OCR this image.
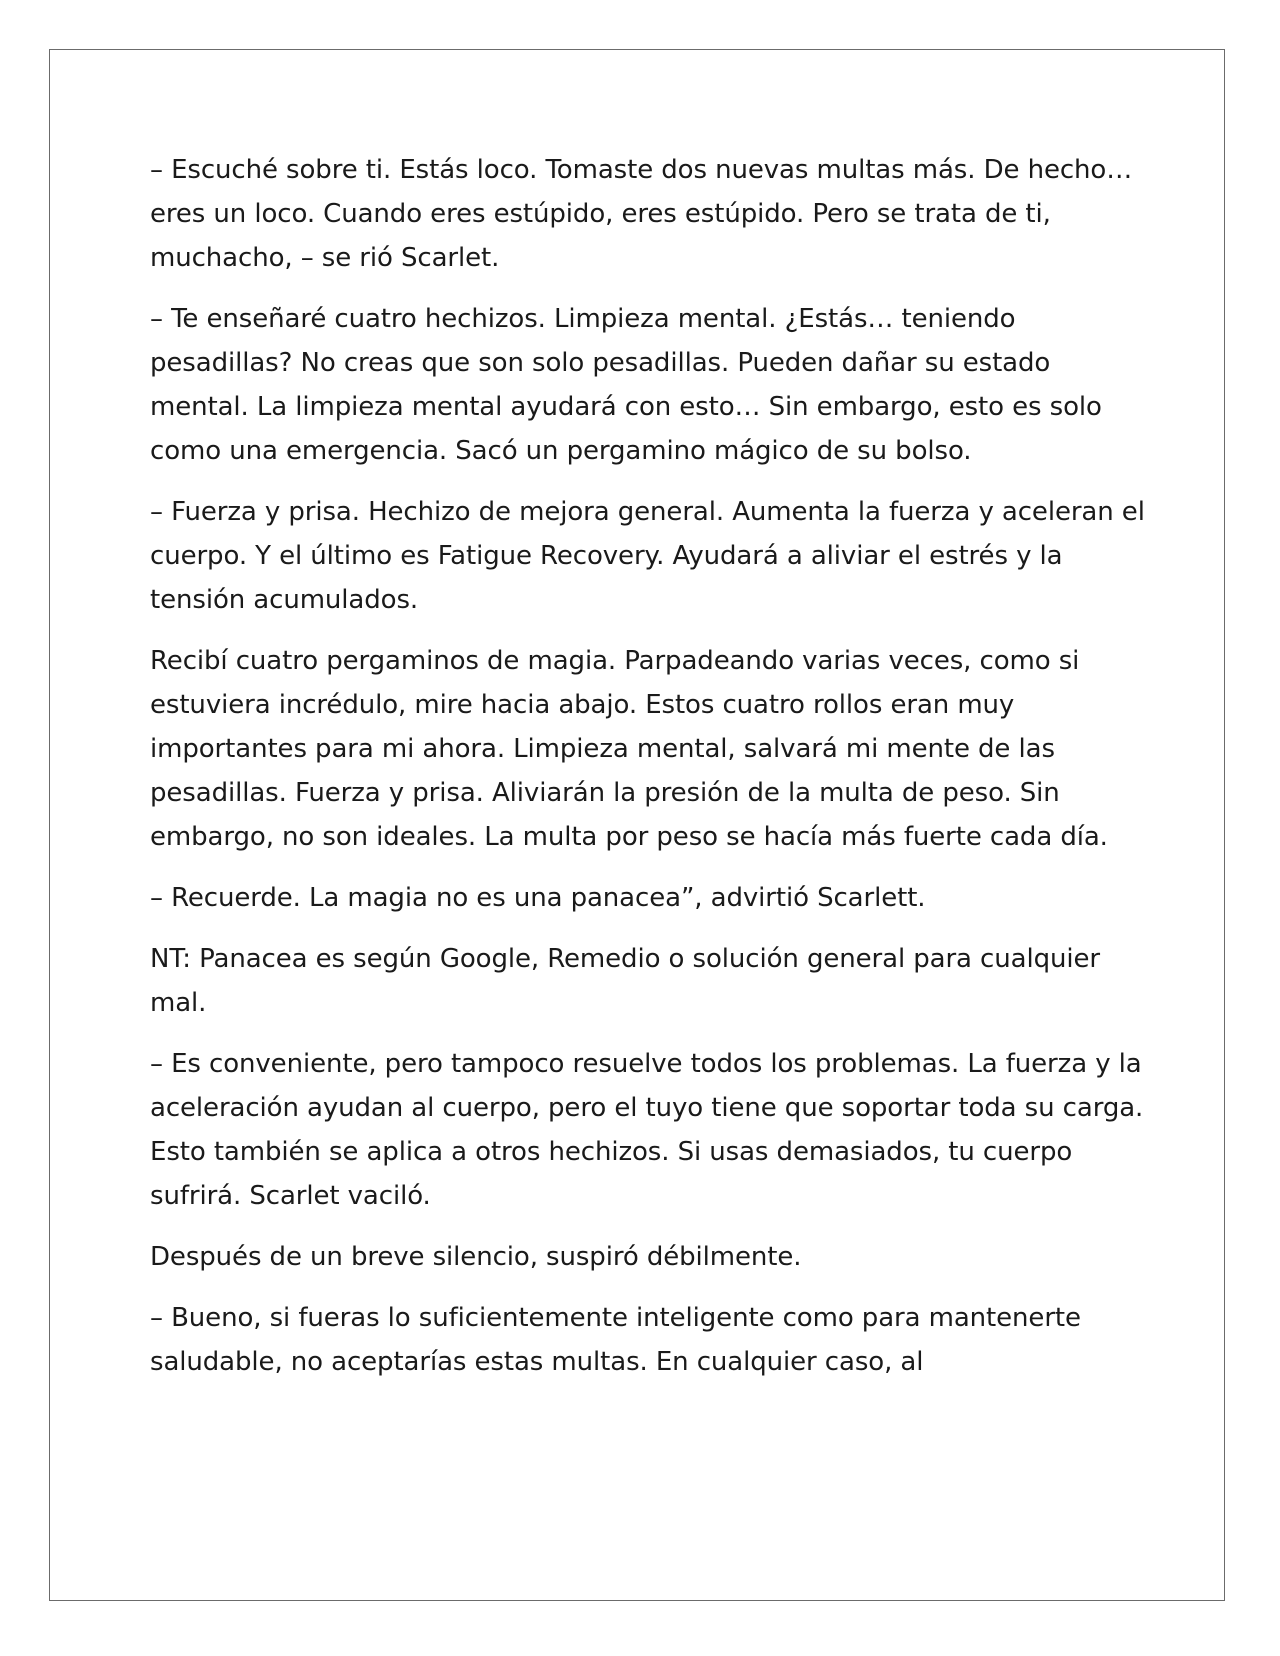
– Escuché sobre ti. Estás loco. Tomaste dos nuevas multas más. De hecho… eres un loco. Cuando eres estúpido, eres estúpido. Pero se trata de ti, muchacho, – se rió Scarlet.

– Te enseñaré cuatro hechizos. Limpieza mental. ¿Estás… teniendo pesadillas? No creas que son solo pesadillas. Pueden dañar su estado mental. La limpieza mental ayudará con esto… Sin embargo, esto es solo como una emergencia. Sacó un pergamino mágico de su bolso.

– Fuerza y prisa. Hechizo de mejora general. Aumenta la fuerza y aceleran el cuerpo. Y el último es Fatigue Recovery. Ayudará a aliviar el estrés y la tensión acumulados.

Recibí cuatro pergaminos de magia. Parpadeando varias veces, como si estuviera incrédulo, mire hacia abajo. Estos cuatro rollos eran muy importantes para mi ahora. Limpieza mental, salvará mi mente de las pesadillas. Fuerza y prisa. Aliviarán la presión de la multa de peso. Sin embargo, no son ideales. La multa por peso se hacía más fuerte cada día.

– Recuerde. La magia no es una panacea”, advirtió Scarlett.

NT: Panacea es según Google, Remedio o solución general para cualquier mal.

– Es conveniente, pero tampoco resuelve todos los problemas. La fuerza y la aceleración ayudan al cuerpo, pero el tuyo tiene que soportar toda su carga. Esto también se aplica a otros hechizos. Si usas demasiados, tu cuerpo sufrirá. Scarlet vaciló.

Después de un breve silencio, suspiró débilmente.

– Bueno, si fueras lo suficientemente inteligente como para mantenerte saludable, no aceptarías estas multas. En cualquier caso, al
